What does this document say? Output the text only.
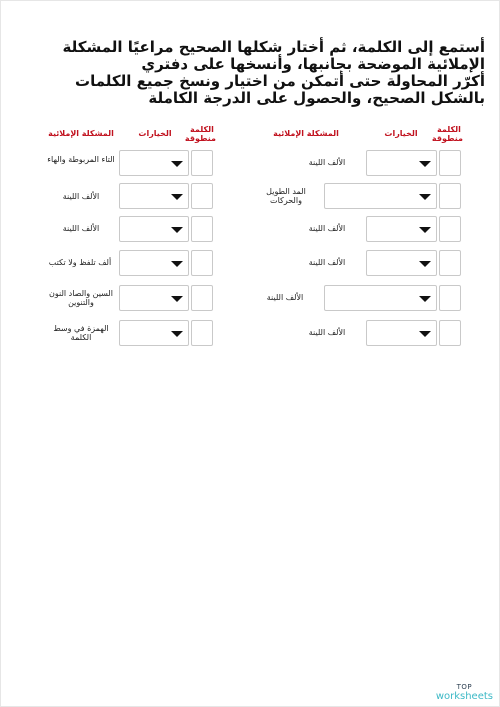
أستمع إلى الكلمة، ثم أختار شكلها الصحيح مراعيًا المشكلة الإملائية الموضحة بجانبها، وأنسخها على دفتري

أكرّر المحاولة حتى أتمكن من اختيار ونسخ جميع الكلمات بالشكل الصحيح، والحصول على الدرجة الكاملة

الكلمة منطوقة
الخيارات
المشكلة الإملائية
الكلمة منطوقة
الخيارات
المشكلة الإملائية
الألف اللينة
المد الطويل والحركات
الألف اللينة
الألف اللينة
الألف اللينة
الألف اللينة
التاء المربوطة والهاء
الألف اللينة
الألف اللينة
ألف تلفظ ولا تكتب
السين والصاد النون والتنوين
الهمزة في وسط الكلمة
TOP
worksheets
